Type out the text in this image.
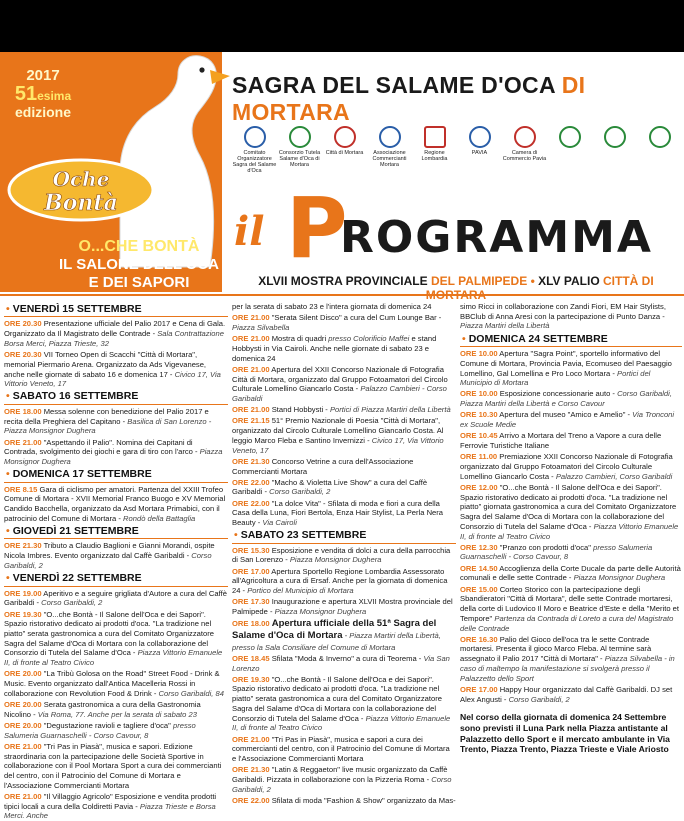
2017
51esima
edizione
Oche
Bontà
O...CHE BONTÀ
IL SALONE DELL'OCA
E DEI SAPORI
SAGRA DEL SALAME D'OCA DI MORTARA
Comitato Organizzatore Sagra del Salame d'Oca
Consorzio Tutela Salame d'Oca di Mortara
Città di Mortara	Associazione Commercianti Mortara
Regione Lombardia
PAVIA	Camera di Commercio Pavia
il P
ROGRAMMA
XLVII MOSTRA PROVINCIALE DEL PALMIPEDE • XLV PALIO CITTÀ DI
• VENERDÌ 15 SETTEMBRE
ORE 20.30 Presentazione ufficiale del Palio 2017 e Cena di Gala. Organizzato da Il Magistrato delle Contrade - Sala Contrattazione Borsa Merci, Piazza Trieste, 32
ORE 20.30 VII Torneo Open di Scacchi "Città di Mortara", memorial Piermario Arena. Organizzato da Ads Vigevanese, anche nelle giornate di sabato 16 e domenica 17 - Civico 17, Via Vittorio Veneto, 17
• SABATO 16 SETTEMBRE
ORE 18.00 Messa solenne con benedizione del Palio 2017 e recita della Preghiera del Capitano - Basilica di San Lorenzo - Piazza Monsignor Dughera
ORE 21.00 "Aspettando il Palio". Nomina dei Capitani di Contrada, svolgimento dei giochi e gara di tiro con l'arco - Piazza Monsignor Dughera
• DOMENICA 17 SETTEMBRE
ORE 8.15 Gara di ciclismo per amatori. Partenza del XXIII Trofeo Comune di Mortara - XVII Memorial Franco Buogo e XV Memorial Candido Bacchella, organizzato da Asd Mortara Primabici, con il patrocinio del Comune di Mortara - Rondò della Battaglia
• GIOVEDÌ 21 SETTEMBRE
ORE 21.30 Tributo a Claudio Baglioni e Gianni Morandi, ospite Nicola Imbres. Evento organizzato dal Caffè Garibaldi - Corso Garibaldi, 2
• VENERDÌ 22 SETTEMBRE
ORE 19.00 Aperitivo e a seguire grigliata d'Autore a cura del Caffè Garibaldi - Corso Garibaldi, 2
ORE 19.30 "O...che Bontà - Il Salone dell'Oca e dei Sapori". Spazio ristorativo dedicato ai prodotti d'oca. "La tradizione nel piatto" serata gastronomica a cura del Comitato Organizzatore Sagra del Salame d'Oca di Mortara con la collaborazione del Consorzio di Tutela del Salame d'Oca - Piazza Vittorio Emanuele II, di fronte al Teatro Civico
ORE 20.00 "La Tribù Golosa on the Road" Street Food - Drink & Music. Evento organizzato dall'Antica Macelleria Rossi in collaborazione con Revolution Food & Drink - Corso Garibaldi, 84
ORE 20.00 Serata gastronomica a cura della Gastronomia Nicolino - Via Roma, 77. Anche per la serata di sabato 23
ORE 20.00 "Degustazione ravioli e tagliere d'oca" presso Salumeria Guarnaschelli - Corso Cavour, 8
ORE 21.00 "Tri Pas in Piasà", musica e sapori. Edizione straordinaria con la partecipazione delle Società Sportive in collaborazione con il Pool Mortara Sport a cura dei commercianti del centro, con il Patrocinio del Comune di Mortara e l'Associazione Commercianti Mortara
ORE 21.00 "Il Villaggio Agricolo" Esposizione e vendita prodotti tipici locali a cura della Coldiretti Pavia - Piazza Trieste e Borsa Merci. Anche
per la serata di sabato 23 e l'intera giornata di domenica 24
ORE 21.00 "Serata Silent Disco" a cura del Cum Lounge Bar - Piazza Silvabella
ORE 21.00 Mostra di quadri presso Colorificio Maffei e stand Hobbysti in Via Cairoli. Anche nelle giornate di sabato 23 e domenica 24
ORE 21.00 Apertura del XXII Concorso Nazionale di Fotografia Città di Mortara, organizzato dal Gruppo Fotoamatori del Circolo Culturale Lomellino Giancarlo Costa - Palazzo Cambieri - Corso Garibaldi
ORE 21.00 Stand Hobbysti - Portici di Piazza Martiri della Libertà
ORE 21.15 51° Premio Nazionale di Poesia "Città di Mortara", organizzato dal Circolo Culturale Lomellino Giancarlo Costa. Al leggio Marco Fleba e Santino Invernizzi - Civico 17, Via Vittorio Veneto, 17
ORE 21.30 Concorso Vetrine a cura dell'Associazione Commercianti Mortara
ORE 22.00 "Macho & Violetta Live Show" a cura del Caffè Garibaldi - Corso Garibaldi, 2
ORE 22.00 "La dolce Vita" - Sfilata di moda e fiori a cura della Casa della Luna, Fiori Bertola, Enza Hair Stylist, La Perla Nera Beauty - Via Cairoli
• SABATO 23 SETTEMBRE
ORE 15.30 Esposizione e vendita di dolci a cura della parrocchia di San Lorenzo - Piazza Monsignor Dughera
ORE 17.00 Apertura Sportello Regione Lombardia Assessorato all'Agricoltura a cura di Ersaf. Anche per la giornata di domenica 24 - Portico del Municipio di Mortara
ORE 17.30 Inaugurazione e apertura XLVII Mostra provinciale del Palmipede - Piazza Monsignor Dughera
ORE 18.00 Apertura ufficiale della 51ª Sagra del Salame d'Oca di Mortara - Piazza Martiri della Libertà, presso la Sala Consiliare del Comune di Mortara
ORE 18.45 Sfilata "Moda & Inverno" a cura di Teorema - Via San Lorenzo
ORE 19.30 "O...che Bontà - Il Salone dell'Oca e dei Sapori". Spazio ristorativo dedicato ai prodotti d'oca. "La tradizione nel piatto" serata gastronomica a cura del Comitato Organizzatore Sagra del Salame d'Oca di Mortara con la collaborazione del Consorzio di Tutela del Salame d'Oca - Piazza Vittorio Emanuele II, di fronte al Teatro Civico
ORE 21.00 "Tri Pas in Piasà", musica e sapori a cura dei commercianti del centro, con il Patrocinio del Comune di Mortara e l'Associazione Commercianti Mortara
ORE 21.30 "Latin & Reggaeton" live music organizzato da Caffè Garibaldi. Pizzata in collaborazione con la Pizzeria Roma - Corso Garibaldi, 2
ORE 22.00 Sfilata di moda "Fashion & Show" organizzato da Mas-
simo Ricci in collaborazione con Zandi Fiori, EM Hair Stylists, BBClub di Anna Aresi con la partecipazione di Punto Danza - Piazza Martiri della Libertà
• DOMENICA 24 SETTEMBRE
ORE 10.00 Apertura "Sagra Point", sportello informativo del Comune di Mortara, Provincia Pavia, Ecomuseo del Paesaggio Lomellino, Gal Lomellina e Pro Loco Mortara - Portici del Municipio di Mortara
ORE 10.00 Esposizione concessionarie auto - Corso Garibaldi, Piazza Martiri della Libertà e Corso Cavour
ORE 10.30 Apertura del museo "Amico e Amelio" - Via Tronconi ex Scuole Medie
ORE 10.45 Arrivo a Mortara del Treno a Vapore a cura delle Ferrovie Turistiche Italiane
ORE 11.00 Premiazione XXII Concorso Nazionale di Fotografia organizzato dal Gruppo Fotoamatori del Circolo Culturale Lomellino Giancarlo Costa - Palazzo Cambieri, Corso Garibaldi
ORE 12.00 "O...che Bontà - Il Salone dell'Oca e dei Sapori". Spazio ristorativo dedicato ai prodotti d'oca. "La tradizione nel piatto" giornata gastronomica a cura del Comitato Organizzatore Sagra del Salame d'Oca di Mortara con la collaborazione del Consorzio di Tutela del Salame d'Oca - Piazza Vittorio Emanuele II, di fronte al Teatro Civico
ORE 12.30 "Pranzo con prodotti d'oca" presso Salumeria Guarnaschelli - Corso Cavour, 8
ORE 14.50 Accoglienza della Corte Ducale da parte delle Autorità comunali e delle sette Contrade - Piazza Monsignor Dughera
ORE 15.00 Corteo Storico con la partecipazione degli Sbandieratori "Città di Mortara", delle sette Contrade mortaresi, della corte di Ludovico Il Moro e Beatrice d'Este e della "Merito et Tempore" Partenza da Contrada di Loreto a cura del Magistrato delle Contrade
ORE 16.30 Palio del Gioco dell'oca tra le sette Contrade mortaresi. Presenta il gioco Marco Fleba. Al termine sarà assegnato il Palio 2017 "Città di Mortara" - Piazza Silvabella - in caso di maltempo la manifestazione si svolgerà presso il Palazzetto dello Sport
ORE 17.00 Happy Hour organizzato dal Caffè Garibaldi. DJ set Alex Angusti - Corso Garibaldi, 2
Nel corso della giornata di domenica 24 Settembre sono previsti il Luna Park nella Piazza antistante al Palazzetto dello Sport e il mercato ambulante in Via Trento, Piazza Trento, Piazza Trieste e Viale Ariosto
